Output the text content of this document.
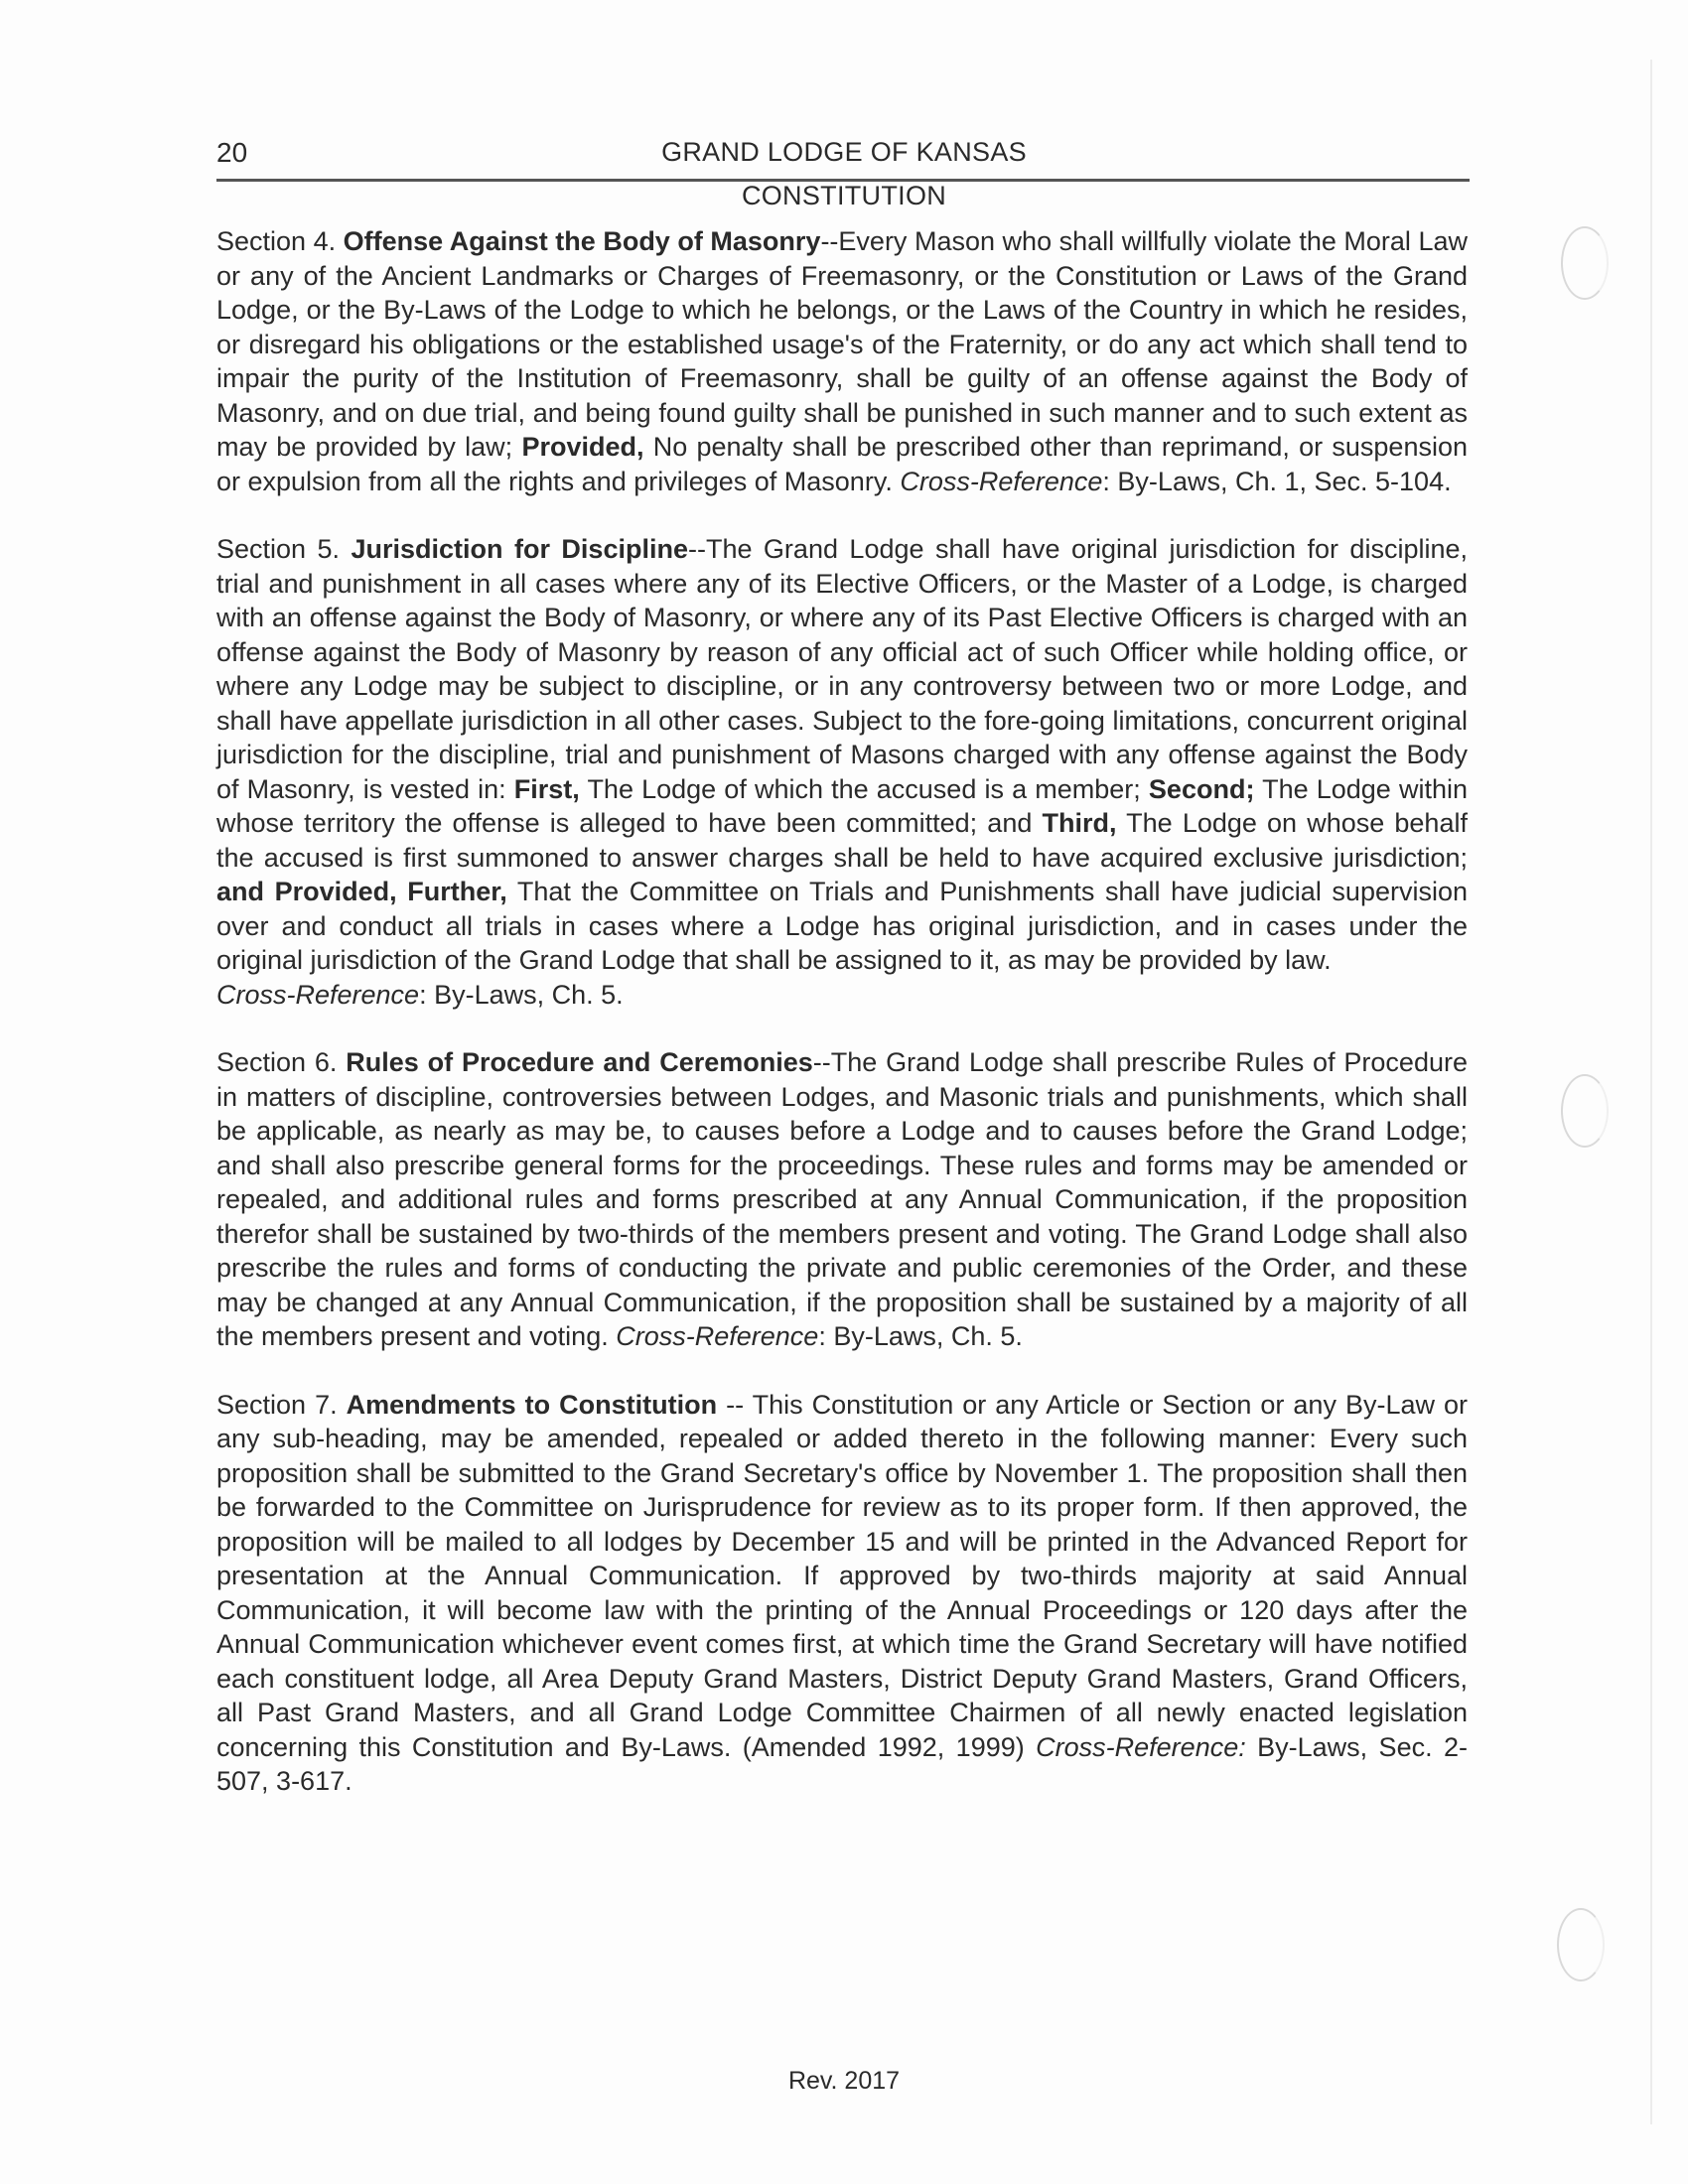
20	GRAND LODGE OF KANSAS
CONSTITUTION

Section 4. Offense Against the Body of Masonry--Every Mason who shall willfully violate the Moral Law or any of the Ancient Landmarks or Charges of Freemasonry, or the Constitution or Laws of the Grand Lodge, or the By-Laws of the Lodge to which he belongs, or the Laws of the Country in which he resides, or disregard his obligations or the established usage's of the Fraternity, or do any act which shall tend to impair the purity of the Institution of Freemasonry, shall be guilty of an offense against the Body of Masonry, and on due trial, and being found guilty shall be punished in such manner and to such extent as may be provided by law; Provided, No penalty shall be prescribed other than reprimand, or suspension or expulsion from all the rights and privileges of Masonry. Cross-Reference: By-Laws, Ch. 1, Sec. 5-104.

Section 5. Jurisdiction for Discipline--The Grand Lodge shall have original jurisdiction for discipline, trial and punishment in all cases where any of its Elective Officers, or the Master of a Lodge, is charged with an offense against the Body of Masonry, or where any of its Past Elective Officers is charged with an offense against the Body of Masonry by reason of any official act of such Officer while holding office, or where any Lodge may be subject to discipline, or in any controversy between two or more Lodge, and shall have appellate jurisdiction in all other cases. Subject to the fore-going limitations, concurrent original jurisdiction for the discipline, trial and punishment of Masons charged with any offense against the Body of Masonry, is vested in: First, The Lodge of which the accused is a member; Second; The Lodge within whose territory the offense is alleged to have been committed; and Third, The Lodge on whose behalf the accused is first summoned to answer charges shall be held to have acquired exclusive jurisdiction; and Provided, Further, That the Committee on Trials and Punishments shall have judicial supervision over and conduct all trials in cases where a Lodge has original jurisdiction, and in cases under the original jurisdiction of the Grand Lodge that shall be assigned to it, as may be provided by law.
Cross-Reference: By-Laws, Ch. 5.

Section 6. Rules of Procedure and Ceremonies--The Grand Lodge shall prescribe Rules of Procedure in matters of discipline, controversies between Lodges, and Masonic trials and punishments, which shall be applicable, as nearly as may be, to causes before a Lodge and to causes before the Grand Lodge; and shall also prescribe general forms for the proceedings. These rules and forms may be amended or repealed, and additional rules and forms prescribed at any Annual Communication, if the proposition therefor shall be sustained by two-thirds of the members present and voting. The Grand Lodge shall also prescribe the rules and forms of conducting the private and public ceremonies of the Order, and these may be changed at any Annual Communication, if the proposition shall be sustained by a majority of all the members present and voting. Cross-Reference: By-Laws, Ch. 5.

Section 7. Amendments to Constitution -- This Constitution or any Article or Section or any By-Law or any sub-heading, may be amended, repealed or added thereto in the following manner: Every such proposition shall be submitted to the Grand Secretary's office by November 1. The proposition shall then be forwarded to the Committee on Jurisprudence for review as to its proper form. If then approved, the proposition will be mailed to all lodges by December 15 and will be printed in the Advanced Report for presentation at the Annual Communication. If approved by two-thirds majority at said Annual Communication, it will become law with the printing of the Annual Proceedings or 120 days after the Annual Communication whichever event comes first, at which time the Grand Secretary will have notified each constituent lodge, all Area Deputy Grand Masters, District Deputy Grand Masters, Grand Officers, all Past Grand Masters, and all Grand Lodge Committee Chairmen of all newly enacted legislation concerning this Constitution and By-Laws. (Amended 1992, 1999) Cross-Reference: By-Laws, Sec. 2-507, 3-617.

Rev. 2017
